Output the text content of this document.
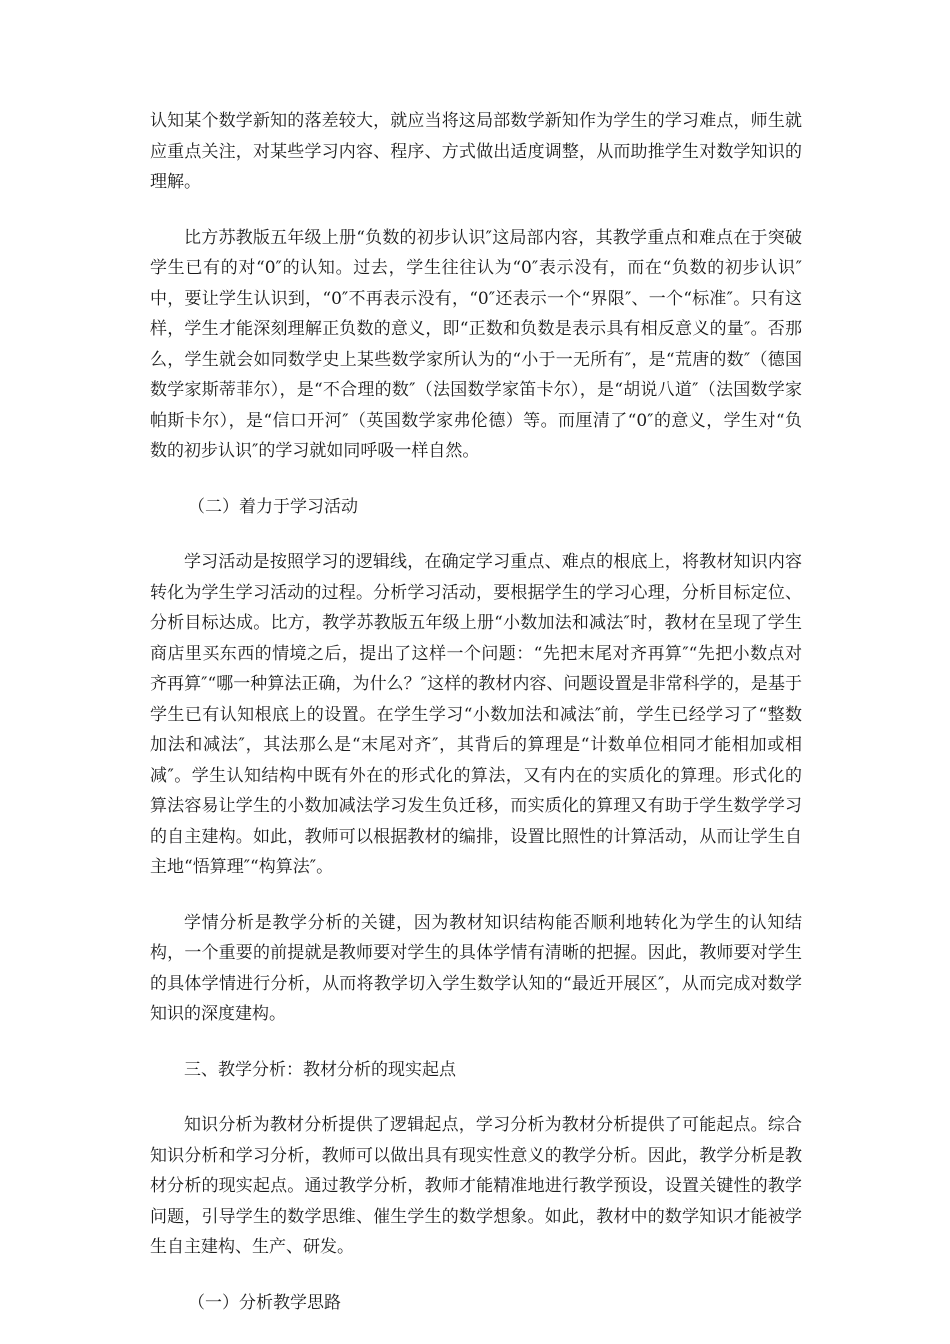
认知某个数学新知的落差较大，就应当将这局部数学新知作为学生的学习难点，师生就应重点关注，对某些学习内容、程序、方式做出适度调整，从而助推学生对数学知识的理解。

比方苏教版五年级上册“负数的初步认识″这局部内容，其教学重点和难点在于突破学生已有的对“0″的认知。过去，学生往往认为“0″表示没有，而在“负数的初步认识″中，要让学生认识到，“0″不再表示没有，“0″还表示一个“界限″、一个“标准″。只有这样，学生才能深刻理解正负数的意义，即“正数和负数是表示具有相反意义的量″。否那么，学生就会如同数学史上某些数学家所认为的“小于一无所有″，是“荒唐的数″（德国数学家斯蒂菲尔），是“不合理的数″（法国数学家笛卡尔），是“胡说八道″（法国数学家帕斯卡尔），是“信口开河″（英国数学家弗伦德）等。而厘清了“0″的意义，学生对“负数的初步认识″的学习就如同呼吸一样自然。

（二）着力于学习活动

学习活动是按照学习的逻辑线，在确定学习重点、难点的根底上，将教材知识内容转化为学生学习活动的过程。分析学习活动，要根据学生的学习心理，分析目标定位、分析目标达成。比方，教学苏教版五年级上册“小数加法和减法″时，教材在呈现了学生商店里买东西的情境之后，提出了这样一个问题：“先把末尾对齐再算″“先把小数点对齐再算″“哪一种算法正确，为什么？″这样的教材内容、问题设置是非常科学的，是基于学生已有认知根底上的设置。在学生学习“小数加法和减法″前，学生已经学习了“整数加法和减法″，其法那么是“末尾对齐″，其背后的算理是“计数单位相同才能相加或相减″。学生认知结构中既有外在的形式化的算法，又有内在的实质化的算理。形式化的算法容易让学生的小数加减法学习发生负迁移，而实质化的算理又有助于学生数学学习的自主建构。如此，教师可以根据教材的编排，设置比照性的计算活动，从而让学生自主地“悟算理″“构算法″。

学情分析是教学分析的关键，因为教材知识结构能否顺利地转化为学生的认知结构，一个重要的前提就是教师要对学生的具体学情有清晰的把握。因此，教师要对学生的具体学情进行分析，从而将教学切入学生数学认知的“最近开展区″，从而完成对数学知识的深度建构。

三、教学分析：教材分析的现实起点

知识分析为教材分析提供了逻辑起点，学习分析为教材分析提供了可能起点。综合知识分析和学习分析，教师可以做出具有现实性意义的教学分析。因此，教学分析是教材分析的现实起点。通过教学分析，教师才能精准地进行教学预设，设置关键性的教学问题，引导学生的数学思维、催生学生的数学想象。如此，教材中的数学知识才能被学生自主建构、生产、研发。

（一）分析教学思路
